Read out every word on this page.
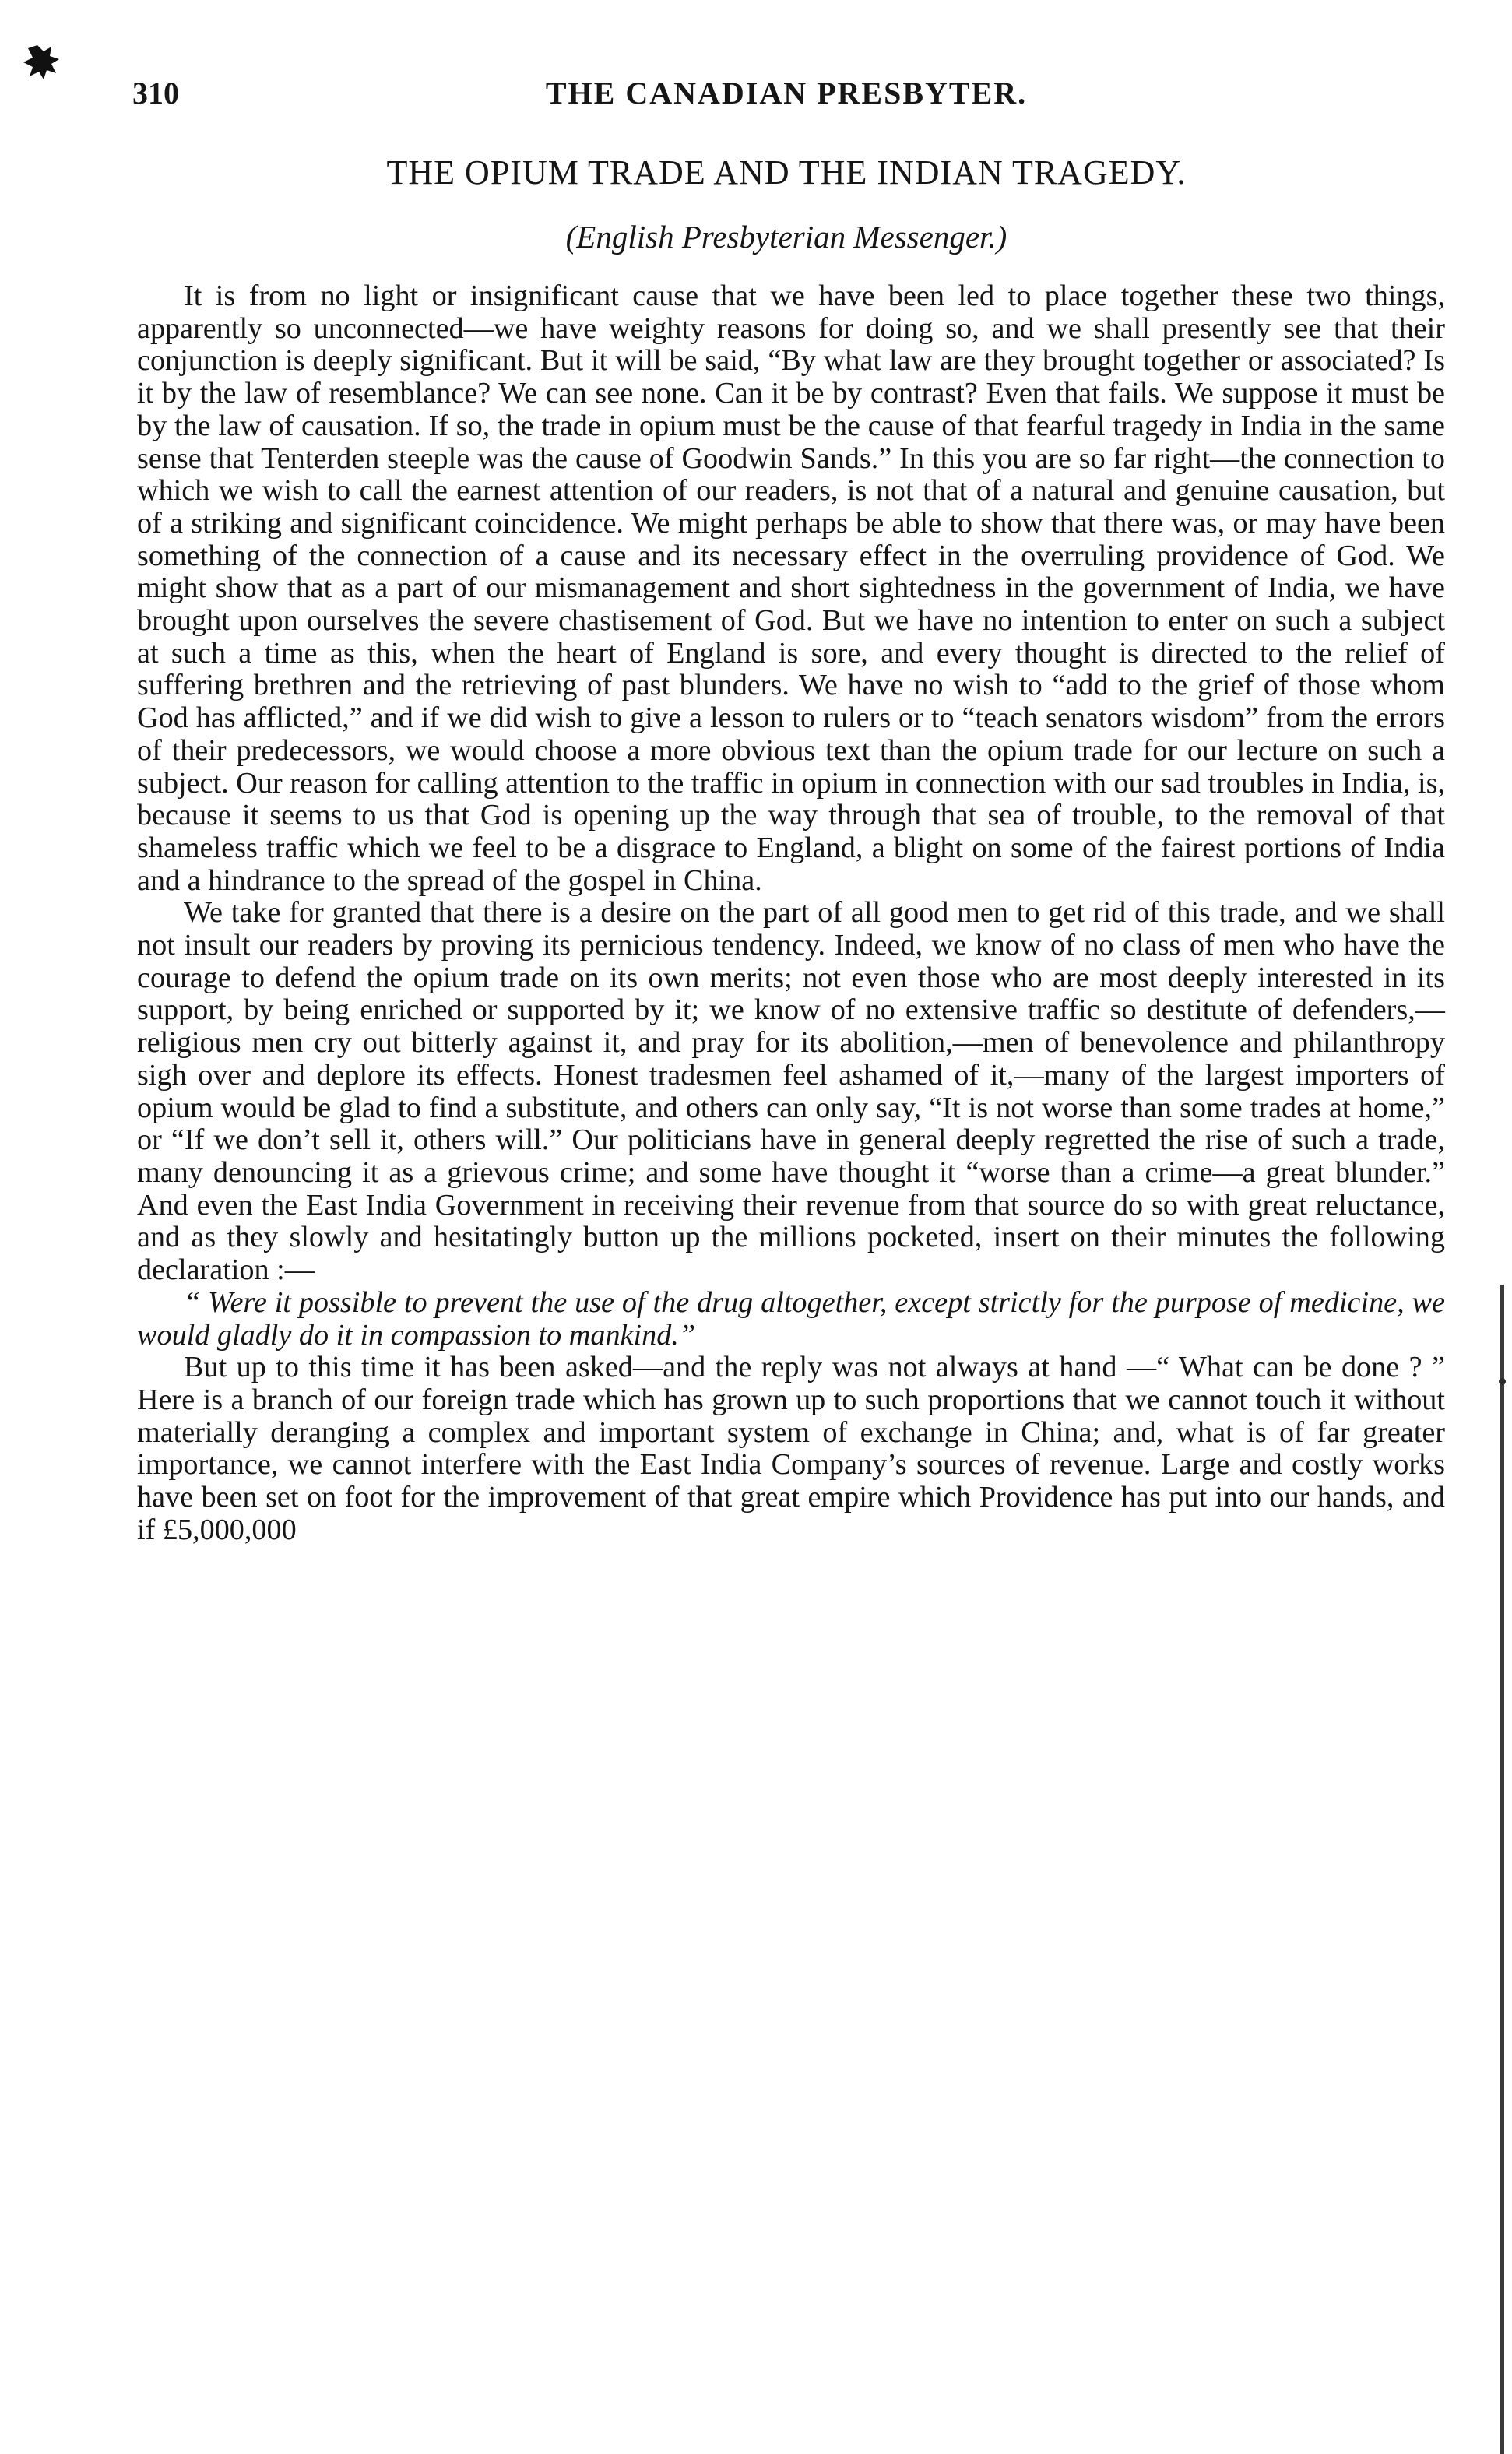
310	THE CANADIAN PRESBYTER.
THE OPIUM TRADE AND THE INDIAN TRAGEDY.
(English Presbyterian Messenger.)

It is from no light or insignificant cause that we have been led to place together these two things, apparently so unconnected—we have weighty reasons for doing so, and we shall presently see that their conjunction is deeply significant. But it will be said, “By what law are they brought together or associated? Is it by the law of resemblance? We can see none. Can it be by contrast? Even that fails. We suppose it must be by the law of causation. If so, the trade in opium must be the cause of that fearful tragedy in India in the same sense that Tenterden steeple was the cause of Goodwin Sands.” In this you are so far right—the connection to which we wish to call the earnest attention of our readers, is not that of a natural and genuine causation, but of a striking and significant coincidence. We might perhaps be able to show that there was, or may have been something of the connection of a cause and its necessary effect in the overruling providence of God. We might show that as a part of our mismanagement and short sightedness in the government of India, we have brought upon ourselves the severe chastisement of God. But we have no intention to enter on such a subject at such a time as this, when the heart of England is sore, and every thought is directed to the relief of suffering brethren and the retrieving of past blunders. We have no wish to “add to the grief of those whom God has afflicted,” and if we did wish to give a lesson to rulers or to “teach senators wisdom” from the errors of their predecessors, we would choose a more obvious text than the opium trade for our lecture on such a subject. Our reason for calling attention to the traffic in opium in connection with our sad troubles in India, is, because it seems to us that God is opening up the way through that sea of trouble, to the removal of that shameless traffic which we feel to be a disgrace to England, a blight on some of the fairest portions of India and a hindrance to the spread of the gospel in China.

We take for granted that there is a desire on the part of all good men to get rid of this trade, and we shall not insult our readers by proving its pernicious tendency. Indeed, we know of no class of men who have the courage to defend the opium trade on its own merits; not even those who are most deeply interested in its support, by being enriched or supported by it; we know of no extensive traffic so destitute of defenders,—religious men cry out bitterly against it, and pray for its abolition,—men of benevolence and philanthropy sigh over and deplore its effects. Honest tradesmen feel ashamed of it,—many of the largest importers of opium would be glad to find a substitute, and others can only say, “It is not worse than some trades at home,” or “If we don’t sell it, others will.” Our politicians have in general deeply regretted the rise of such a trade, many denouncing it as a grievous crime; and some have thought it “worse than a crime—a great blunder.” And even the East India Government in receiving their revenue from that source do so with great reluctance, and as they slowly and hesitatingly button up the millions pocketed, insert on their minutes the following declaration :—

“ Were it possible to prevent the use of the drug altogether, except strictly for the purpose of medicine, we would gladly do it in compassion to mankind.”

But up to this time it has been asked—and the reply was not always at hand —“ What can be done ? ” Here is a branch of our foreign trade which has grown up to such proportions that we cannot touch it without materially deranging a complex and important system of exchange in China; and, what is of far greater importance, we cannot interfere with the East India Company’s sources of revenue. Large and costly works have been set on foot for the improvement of that great empire which Providence has put into our hands, and if £5,000,000
